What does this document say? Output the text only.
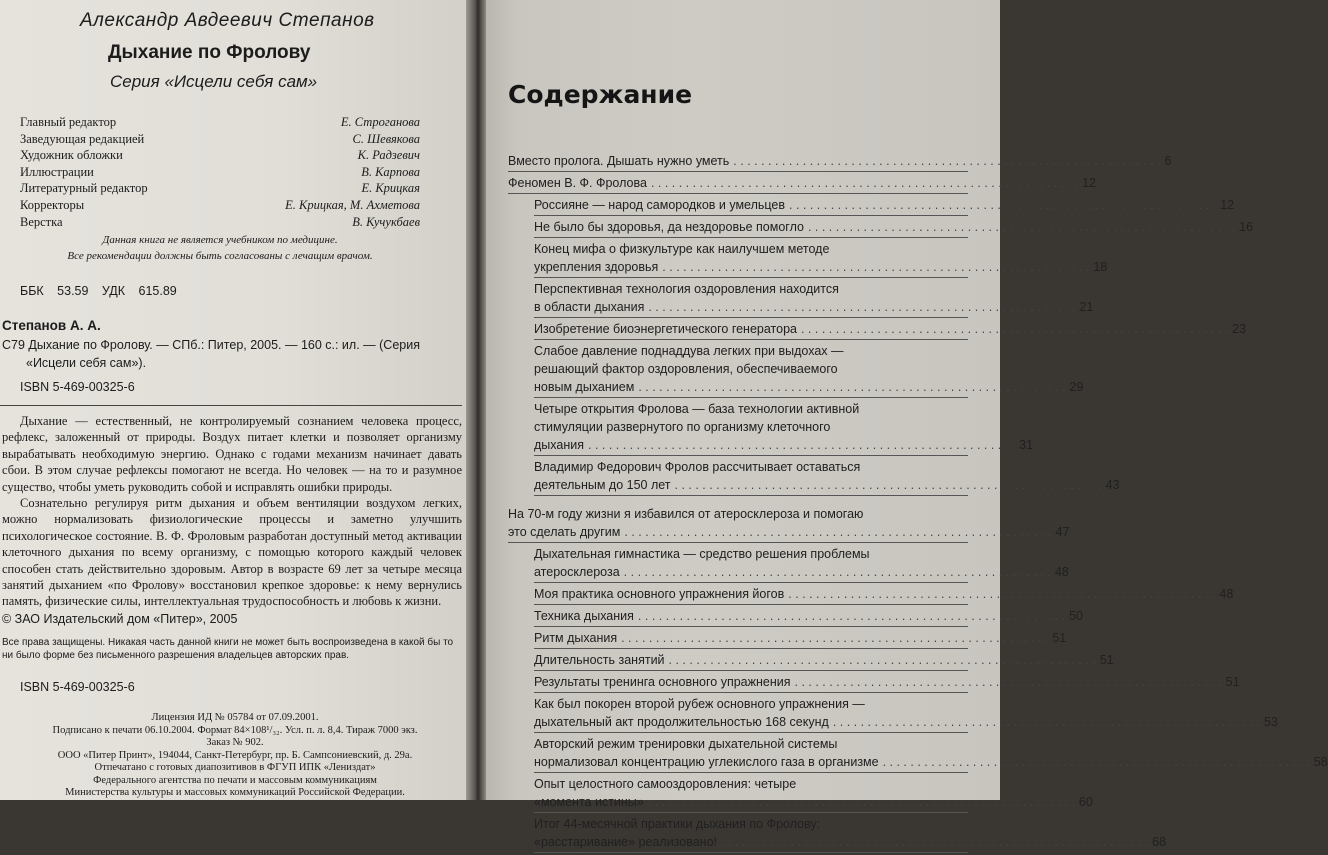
Александр Авдеевич Степанов
Дыхание по Фролову
Серия «Исцели себя сам»
Главный редактор	Е. Строганова
Заведующая редакцией	С. Шевякова
Художник обложки	К. Радзевич
Иллюстрации	В. Карпова
Литературный редактор	Е. Крицкая
Корректоры	Е. Крицкая, М. Ахметова
Верстка	В. Кучукбаев
Данная книга не является учебником по медицине.
Все рекомендации должны быть согласованы с лечащим врачом.
ББК 53.59 УДК 615.89
Степанов А. А.
С79 Дыхание по Фролову. — СПб.: Питер, 2005. — 160 с.: ил. — (Серия
«Исцели себя сам»).
ISBN 5-469-00325-6

Дыхание — естественный, не контролируемый сознанием человека процесс, рефлекс, заложенный от природы. Воздух питает клетки и позволяет организму вырабатывать необходимую энергию. Однако с годами механизм начинает давать сбои. В этом случае рефлексы помогают не всегда. Но человек — на то и разумное существо, чтобы уметь руководить собой и исправлять ошибки природы.

Сознательно регулируя ритм дыхания и объем вентиляции воздухом легких, можно нормализовать физиологические процессы и заметно улучшить психологическое состояние. В. Ф. Фроловым разработан доступный метод активации клеточного дыхания по всему организму, с помощью которого каждый человек способен стать действительно здоровым. Автор в возрасте 69 лет за четыре месяца занятий дыханием «по Фролову» восстановил крепкое здоровье: к нему вернулись память, физические силы, интеллектуальная трудоспособность и любовь к жизни.

© ЗАО Издательский дом «Питер», 2005
Все права защищены. Никакая часть данной книги не может быть воспроизведена в какой бы то ни было форме без письменного разрешения владельцев авторских прав.
ISBN 5-469-00325-6
Лицензия ИД № 05784 от 07.09.2001.
Подписано к печати 06.10.2004. Формат 84×108¹/₃₂. Усл. п. л. 8,4. Тираж 7000 экз.
Заказ № 902.
ООО «Питер Принт», 194044, Санкт-Петербург, пр. Б. Сампсониевский, д. 29а.
Отпечатано с готовых диапозитивов в ФГУП ИПК «Лениздат»
Федерального агентства по печати и массовым коммуникациям
Министерства культуры и массовых коммуникаций Российской Федерации.
Содержание
Вместо пролога. Дышать нужно уметь . . . . . . . . . . . . . . . . . . . . . . . . . . . . . . . . . . . . . . . . . . . . . . . . . . . . . . . . . . . . . . 6
Феномен В. Ф. Фролова . . . . . . . . . . . . . . . . . . . . . . . . . . . . . . . . . . . . . . . . . . . . . . . . . . . . . . . . . . . . . . 12
Россияне — народ самородков и умельцев . . . . . . . . . . . . . . . . . . . . . . . . . . . . . . . . . . . . . . . . . . . . . . . . . . . . . . . . . . . . . . 12
Не было бы здоровья, да нездоровье помогло . . . . . . . . . . . . . . . . . . . . . . . . . . . . . . . . . . . . . . . . . . . . . . . . . . . . . . . . . . . . . . 16
Конец мифа о физкультуре как наилучшем методе
укрепления здоровья . . . . . . . . . . . . . . . . . . . . . . . . . . . . . . . . . . . . . . . . . . . . . . . . . . . . . . . . . . . . . . 18
Перспективная технология оздоровления находится
в области дыхания . . . . . . . . . . . . . . . . . . . . . . . . . . . . . . . . . . . . . . . . . . . . . . . . . . . . . . . . . . . . . . 21
Изобретение биоэнергетического генератора . . . . . . . . . . . . . . . . . . . . . . . . . . . . . . . . . . . . . . . . . . . . . . . . . . . . . . . . . . . . . . 23
Слабое давление поднаддува легких при выдохах —
решающий фактор оздоровления, обеспечиваемого
новым дыханием . . . . . . . . . . . . . . . . . . . . . . . . . . . . . . . . . . . . . . . . . . . . . . . . . . . . . . . . . . . . . . 29
Четыре открытия Фролова — база технологии активной
стимуляции развернутого по организму клеточного
дыхания . . . . . . . . . . . . . . . . . . . . . . . . . . . . . . . . . . . . . . . . . . . . . . . . . . . . . . . . . . . . . . 31
Владимир Федорович Фролов рассчитывает оставаться
деятельным до 150 лет . . . . . . . . . . . . . . . . . . . . . . . . . . . . . . . . . . . . . . . . . . . . . . . . . . . . . . . . . . . . . . 43
На 70-м году жизни я избавился от атеросклероза и помогаю
это сделать другим . . . . . . . . . . . . . . . . . . . . . . . . . . . . . . . . . . . . . . . . . . . . . . . . . . . . . . . . . . . . . . 47
Дыхательная гимнастика — средство решения проблемы
атеросклероза . . . . . . . . . . . . . . . . . . . . . . . . . . . . . . . . . . . . . . . . . . . . . . . . . . . . . . . . . . . . . . 48
Моя практика основного упражнения йогов . . . . . . . . . . . . . . . . . . . . . . . . . . . . . . . . . . . . . . . . . . . . . . . . . . . . . . . . . . . . . . 48
Техника дыхания . . . . . . . . . . . . . . . . . . . . . . . . . . . . . . . . . . . . . . . . . . . . . . . . . . . . . . . . . . . . . . 50
Ритм дыхания . . . . . . . . . . . . . . . . . . . . . . . . . . . . . . . . . . . . . . . . . . . . . . . . . . . . . . . . . . . . . . 51
Длительность занятий . . . . . . . . . . . . . . . . . . . . . . . . . . . . . . . . . . . . . . . . . . . . . . . . . . . . . . . . . . . . . . 51
Результаты тренинга основного упражнения . . . . . . . . . . . . . . . . . . . . . . . . . . . . . . . . . . . . . . . . . . . . . . . . . . . . . . . . . . . . . . 51
Как был покорен второй рубеж основного упражнения —
дыхательный акт продолжительностью 168 секунд . . . . . . . . . . . . . . . . . . . . . . . . . . . . . . . . . . . . . . . . . . . . . . . . . . . . . . . . . . . . . . 53
Авторский режим тренировки дыхательной системы
нормализовал концентрацию углекислого газа в организме . . . . . . . . . . . . . . . . . . . . . . . . . . . . . . . . . . . . . . . . . . . . . . . . . . . . . . . . . . . . . . 58
Опыт целостного самооздоровления: четыре
«момента истины» . . . . . . . . . . . . . . . . . . . . . . . . . . . . . . . . . . . . . . . . . . . . . . . . . . . . . . . . . . . . . . 60
Итог 44-месячной практики дыхания по Фролову:
«расстаривание» реализовано! . . . . . . . . . . . . . . . . . . . . . . . . . . . . . . . . . . . . . . . . . . . . . . . . . . . . . . . . . . . . . . 68
